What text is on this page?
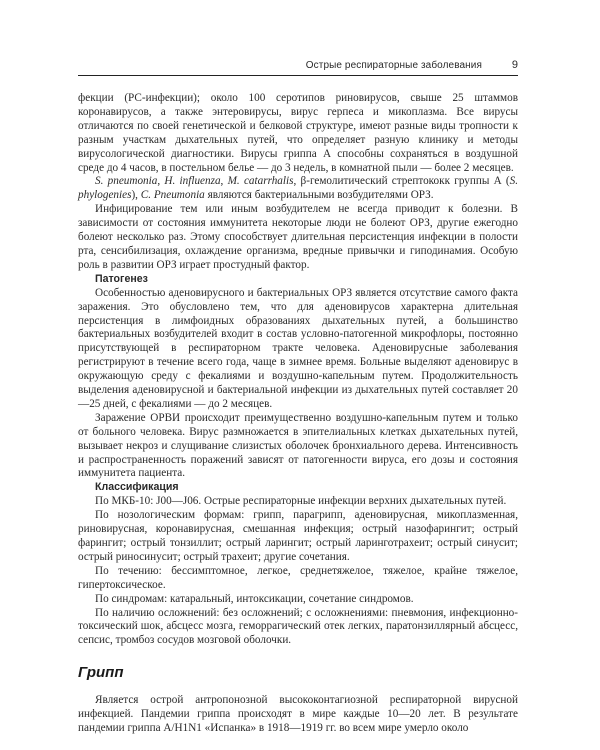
Острые респираторные заболевания	9

фекции (РС-инфекции); около 100 серотипов риновирусов, свыше 25 штаммов коронавирусов, а также энтеровирусы, вирус герпеса и микоплазма. Все вирусы отличаются по своей генетической и белковой структуре, имеют разные виды тропности к разным участкам дыхательных путей, что определяет разную клинику и методы вирусологической диагностики. Вирусы гриппа А способны сохраняться в воздушной среде до 4 часов, в постельном белье — до 3 недель, в комнатной пыли — более 2 месяцев.

S. pneumonia, H. influenza, M. catarrhalis, β-гемолитический стрептококк группы А (S. phylogenies), C. Pneumonia являются бактериальными возбудителями ОРЗ.

Инфицирование тем или иным возбудителем не всегда приводит к болезни. В зависимости от состояния иммунитета некоторые люди не болеют ОРЗ, другие ежегодно болеют несколько раз. Этому способствует длительная персистенция инфекции в полости рта, сенсибилизация, охлаждение организма, вредные привычки и гиподинамия. Особую роль в развитии ОРЗ играет простудный фактор.

Патогенез

Особенностью аденовирусного и бактериальных ОРЗ является отсутствие самого факта заражения. Это обусловлено тем, что для аденовирусов характерна длительная персистенция в лимфоидных образованиях дыхательных путей, а большинство бактериальных возбудителей входит в состав условно-патогенной микрофлоры, постоянно присутствующей в респираторном тракте человека. Аденовирусные заболевания регистрируют в течение всего года, чаще в зимнее время. Больные выделяют аденовирус в окружающую среду с фекалиями и воздушно-капельным путем. Продолжительность выделения аденовирусной и бактериальной инфекции из дыхательных путей составляет 20—25 дней, с фекалиями — до 2 месяцев.

Заражение ОРВИ происходит преимущественно воздушно-капельным путем и только от больного человека. Вирус размножается в эпителиальных клетках дыхательных путей, вызывает некроз и слущивание слизистых оболочек бронхиального дерева. Интенсивность и распространенность поражений зависят от патогенности вируса, его дозы и состояния иммунитета пациента.

Классификация

По МКБ-10: J00—J06. Острые респираторные инфекции верхних дыхательных путей.

По нозологическим формам: грипп, парагрипп, аденовирусная, микоплазменная, риновирусная, коронавирусная, смешанная инфекция; острый назофарингит; острый фарингит; острый тонзиллит; острый ларингит; острый ларинготрахеит; острый синусит; острый риносинусит; острый трахеит; другие сочетания.

По течению: бессимптомное, легкое, среднетяжелое, тяжелое, крайне тяжелое, гипертоксическое.

По синдромам: катаральный, интоксикации, сочетание синдромов.

По наличию осложнений: без осложнений; с осложнениями: пневмония, инфекционно-токсический шок, абсцесс мозга, геморрагический отек легких, паратонзиллярный абсцесс, сепсис, тромбоз сосудов мозговой оболочки.

Грипп

Является острой антропонозной высококонтагиозной респираторной вирусной инфекцией. Пандемии гриппа происходят в мире каждые 10—20 лет. В результате пандемии гриппа A/H1N1 «Испанка» в 1918—1919 гг. во всем мире умерло около
